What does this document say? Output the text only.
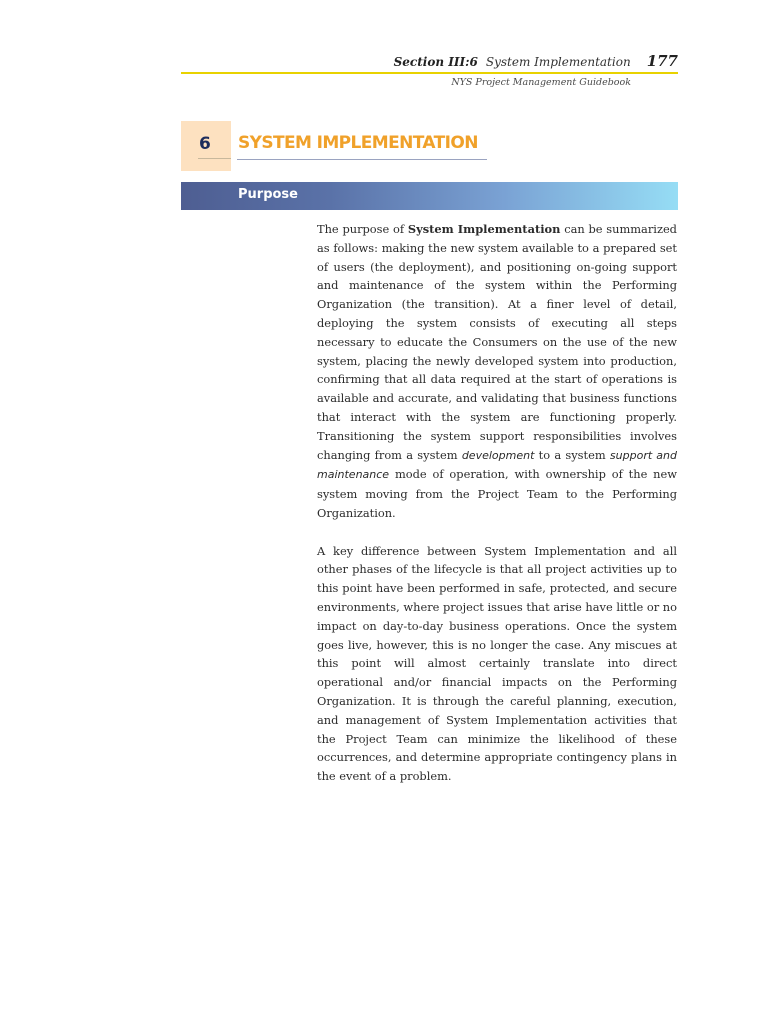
Section III:6 System Implementation 177
NYS Project Management Guidebook
6 SYSTEM IMPLEMENTATION
Purpose

The purpose of System Implementation can be summarized as follows: making the new system available to a prepared set of users (the deployment), and positioning on-going support and maintenance of the system within the Performing Organization (the transition). At a finer level of detail, deploying the system consists of executing all steps necessary to educate the Consumers on the use of the new system, placing the newly developed system into production, confirming that all data required at the start of operations is available and accurate, and validating that business functions that interact with the system are functioning properly. Transitioning the system support responsibilities involves changing from a system development to a system support and maintenance mode of operation, with ownership of the new system moving from the Project Team to the Performing Organization.

A key difference between System Implementation and all other phases of the lifecycle is that all project activities up to this point have been performed in safe, protected, and secure environments, where project issues that arise have little or no impact on day-to-day business operations. Once the system goes live, however, this is no longer the case. Any miscues at this point will almost certainly translate into direct operational and/or financial impacts on the Performing Organization. It is through the careful planning, execution, and management of System Implementation activities that the Project Team can minimize the likelihood of these occurrences, and determine appropriate contingency plans in the event of a problem.
